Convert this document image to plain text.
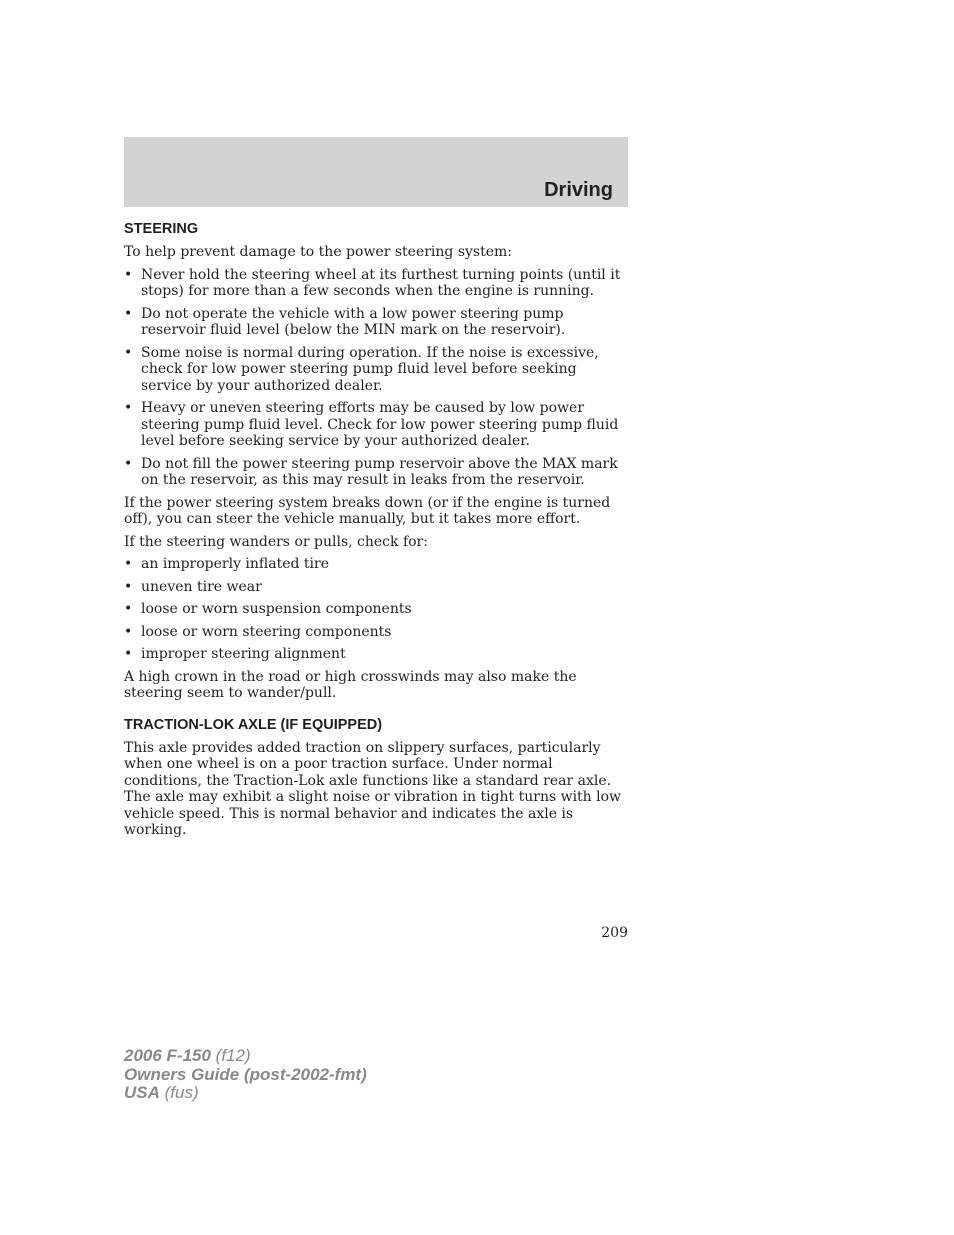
Driving
STEERING

To help prevent damage to the power steering system:

• Never hold the steering wheel at its furthest turning points (until it stops) for more than a few seconds when the engine is running.
• Do not operate the vehicle with a low power steering pump reservoir fluid level (below the MIN mark on the reservoir).
• Some noise is normal during operation. If the noise is excessive, check for low power steering pump fluid level before seeking service by your authorized dealer.
• Heavy or uneven steering efforts may be caused by low power steering pump fluid level. Check for low power steering pump fluid level before seeking service by your authorized dealer.
• Do not fill the power steering pump reservoir above the MAX mark on the reservoir, as this may result in leaks from the reservoir.

If the power steering system breaks down (or if the engine is turned off), you can steer the vehicle manually, but it takes more effort.

If the steering wanders or pulls, check for:

• an improperly inflated tire
• uneven tire wear
• loose or worn suspension components
• loose or worn steering components
• improper steering alignment

A high crown in the road or high crosswinds may also make the steering seem to wander/pull.

TRACTION-LOK AXLE (IF EQUIPPED)

This axle provides added traction on slippery surfaces, particularly when one wheel is on a poor traction surface. Under normal conditions, the Traction-Lok axle functions like a standard rear axle. The axle may exhibit a slight noise or vibration in tight turns with low vehicle speed. This is normal behavior and indicates the axle is working.

209
2006 F-150 (f12)
Owners Guide (post-2002-fmt)
USA (fus)
